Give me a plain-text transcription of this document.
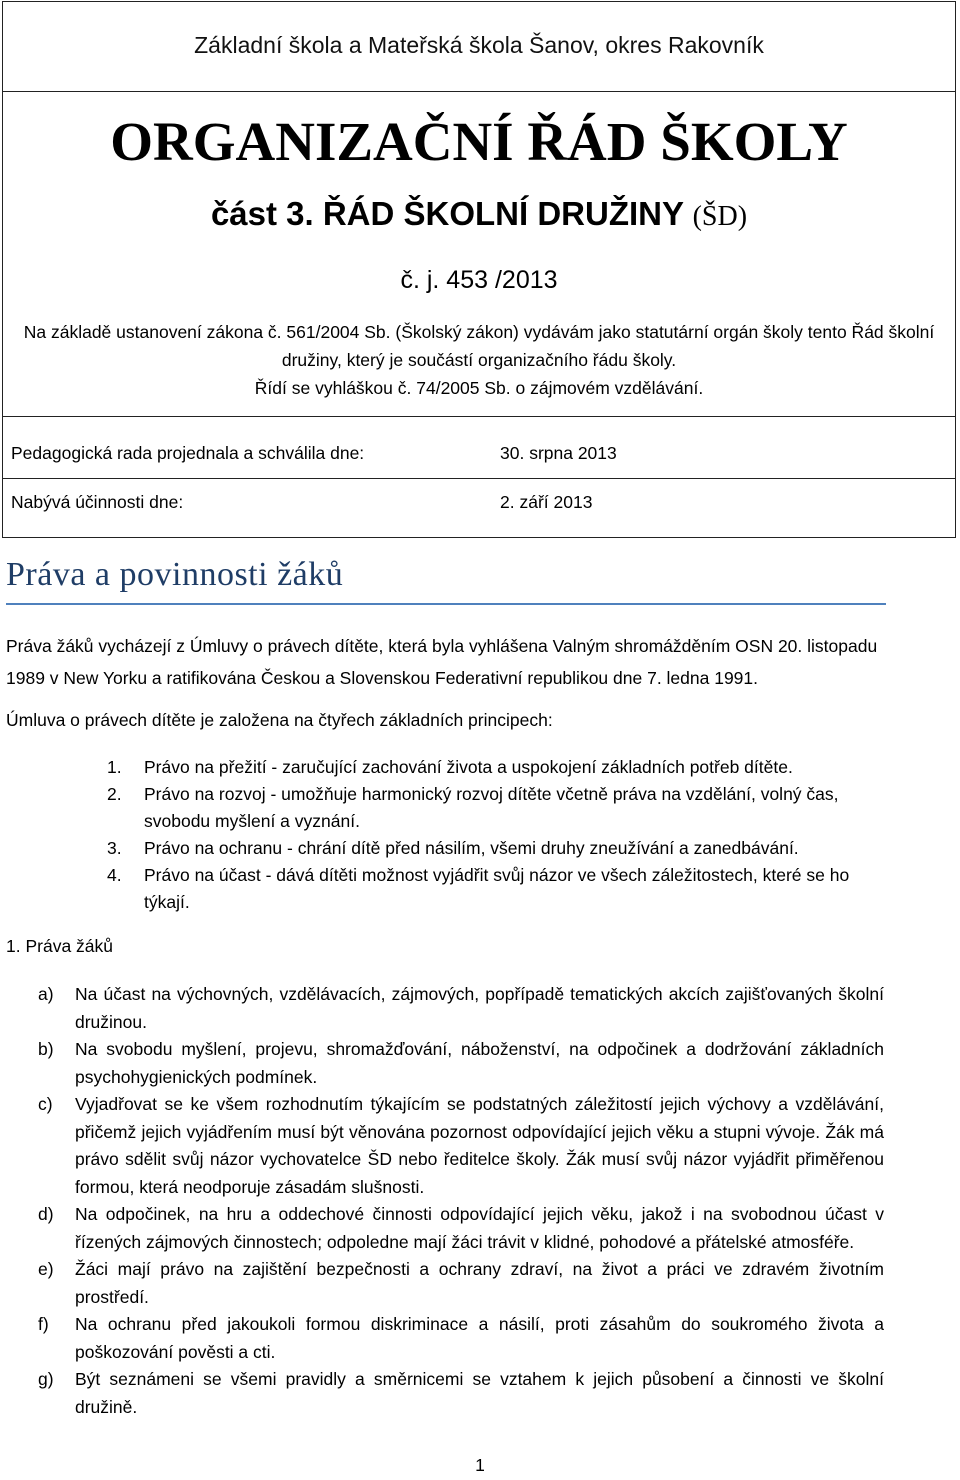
Základní škola a Mateřská škola Šanov, okres Rakovník
ORGANIZAČNÍ ŘÁD ŠKOLY
část 3. ŘÁD ŠKOLNÍ DRUŽINY (ŠD)
č. j. 453 /2013
Na základě ustanovení zákona č. 561/2004 Sb. (Školský zákon) vydávám jako statutární orgán školy tento Řád školní
družiny, který je součástí organizačního řádu školy.
Řídí se vyhláškou č. 74/2005 Sb. o zájmovém vzdělávání.
Pedagogická rada projednala a schválila dne:	30. srpna 2013
Nabývá účinnosti dne:	2. září 2013
Práva a povinnosti žáků
Práva žáků vycházejí z Úmluvy o právech dítěte, která byla vyhlášena Valným shromážděním OSN 20. listopadu
1989 v New Yorku a ratifikována Českou a Slovenskou Federativní republikou dne 7. ledna 1991.
Úmluva o právech dítěte je založena na čtyřech základních principech:
1.	Právo na přežití - zaručující zachování života a uspokojení základních potřeb dítěte.
2.	Právo na rozvoj - umožňuje harmonický rozvoj dítěte včetně práva na vzdělání, volný čas, svobodu myšlení a vyznání.
3.	Právo na ochranu - chrání dítě před násilím, všemi druhy zneužívání a zanedbávání.
4.	Právo na účast - dává dítěti možnost vyjádřit svůj názor ve všech záležitostech, které se ho týkají.
1. Práva žáků
a)	Na účast na výchovných, vzdělávacích, zájmových, popřípadě tematických akcích zajišťovaných školní družinou.
b)	Na svobodu myšlení, projevu, shromažďování, náboženství, na odpočinek a dodržování základních psychohygienických podmínek.
c)	Vyjadřovat se ke všem rozhodnutím týkajícím se podstatných záležitostí jejich výchovy a vzdělávání, přičemž jejich vyjádřením musí být věnována pozornost odpovídající jejich věku a stupni vývoje. Žák má právo sdělit svůj názor vychovatelce ŠD nebo ředitelce školy. Žák musí svůj názor vyjádřit přiměřenou formou, která neodporuje zásadám slušnosti.
d)	Na odpočinek, na hru a oddechové činnosti odpovídající jejich věku, jakož i na svobodnou účast v řízených zájmových činnostech; odpoledne mají žáci trávit v klidné, pohodové a přátelské atmosféře.
e)	Žáci mají právo na zajištění bezpečnosti a ochrany zdraví, na život a práci ve zdravém životním prostředí.
f)	Na ochranu před jakoukoli formou diskriminace a násilí, proti zásahům do soukromého života a poškozování pověsti a cti.
g)	Být seznámeni se všemi pravidly a směrnicemi se vztahem k jejich působení a činnosti ve školní družině.
1
